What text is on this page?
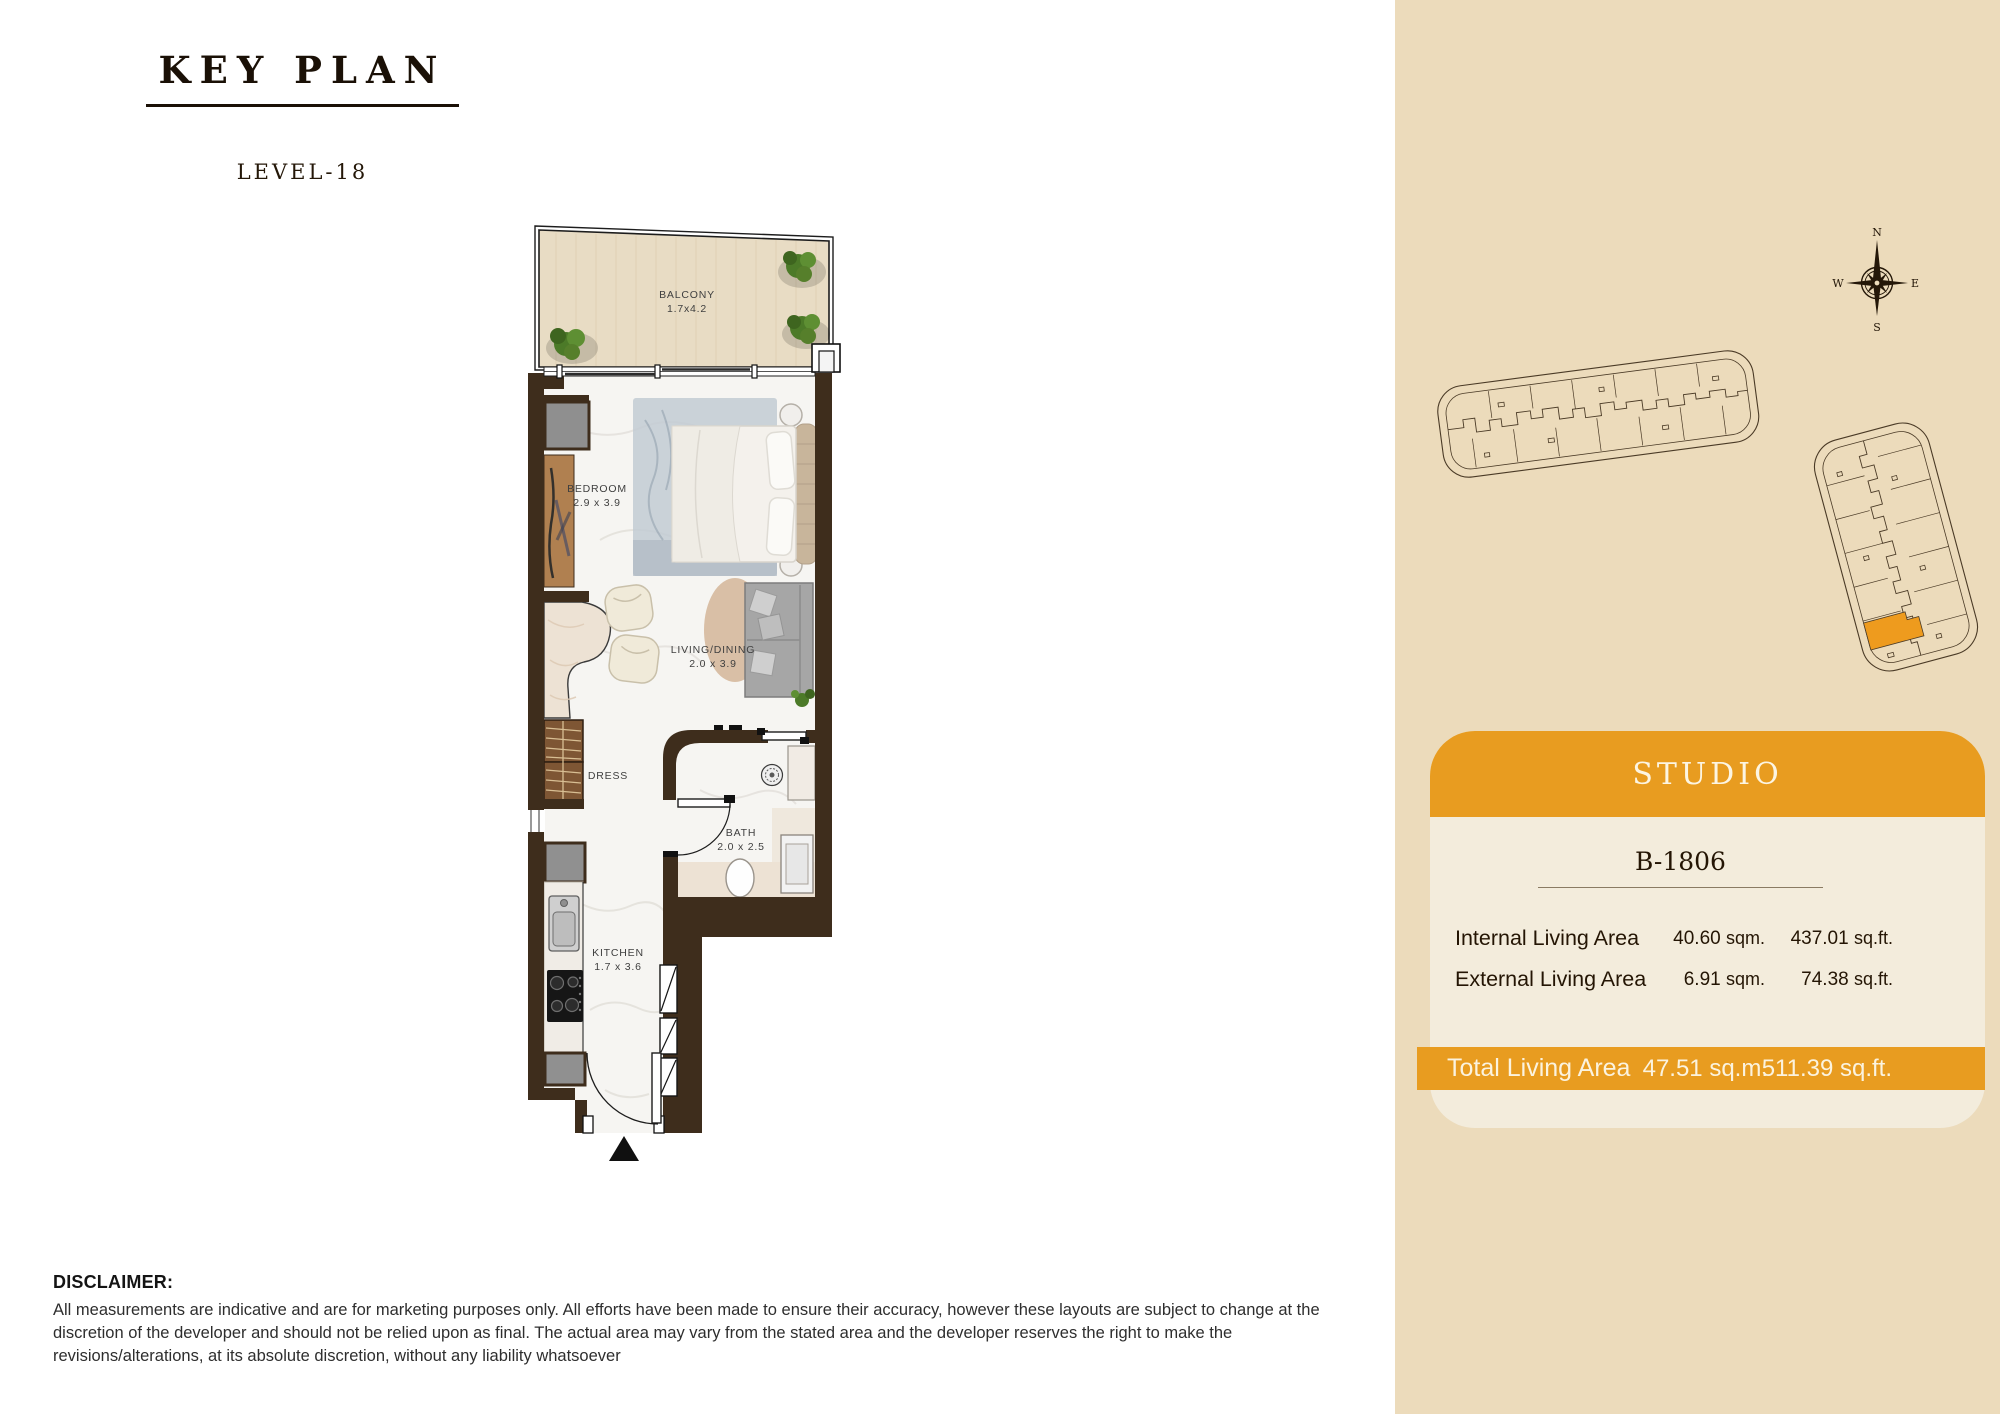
BALCONY
1.7x4.2
BEDROOM
2.9 x 3.9
LIVING/DINING
2.0 x 3.9
DRESS
BATH
2.0 x 2.5
KITCHEN
1.7 x 3.6
KEY PLAN
LEVEL-18
N
S
W	E
STUDIO
B-1806
Internal Living Area 40.60 sqm. 437.01 sq.ft.
External Living Area 6.91 sqm. 74.38 sq.ft.
Total Living Area 47.51 sq.m.
511.39 sq.ft.
DISCLAIMER:

All measurements are indicative and are for marketing purposes only. All efforts have been made to ensure their accuracy, however these layouts are subject to change at the discretion of the developer and should not be relied upon as final. The actual area may vary from the stated area and the developer reserves the right to make the revisions/alterations, at its absolute discretion, without any liability whatsoever
